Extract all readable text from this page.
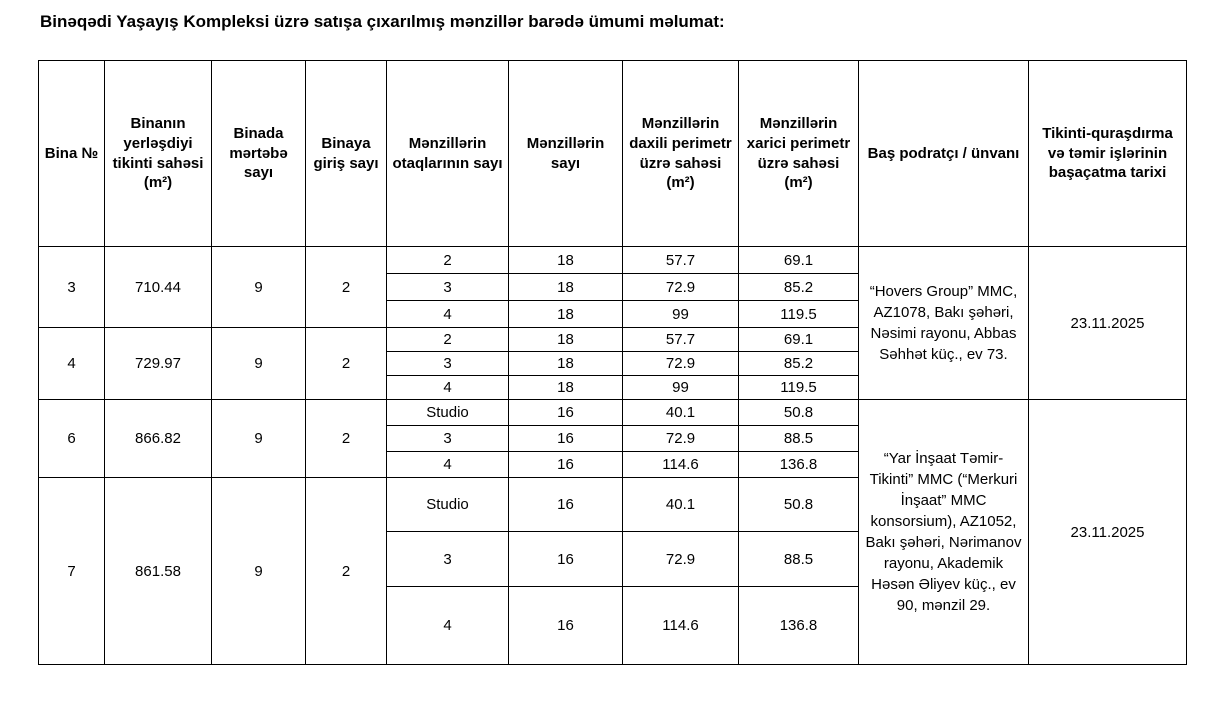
Binəqədi Yaşayış Kompleksi üzrə satışa çıxarılmış mənzillər barədə ümumi məlumat:
Bina №	Binanın yerləşdiyi tikinti sahəsi (m²)	Binada mərtəbə sayı	Binaya giriş sayı	Mənzillərin otaqlarının sayı	Mənzillərin sayı	Mənzillərin daxili perimetr üzrə sahəsi (m²)	Mənzillərin xarici perimetr üzrə sahəsi (m²)	Baş podratçı / ünvanı	Tikinti-quraşdırma və təmir işlərinin başaçatma tarixi
3	710.44	9	2	2	18	57.7	69.1	“Hovers Group” MMC, AZ1078, Bakı şəhəri, Nəsimi rayonu, Abbas Səhhət küç., ev 73.	23.11.2025
				3	18	72.9	85.2		
				4	18	99	119.5		
4	729.97	9	2	2	18	57.7	69.1		
				3	18	72.9	85.2		
				4	18	99	119.5		
6	866.82	9	2	Studio	16	40.1	50.8	“Yar İnşaat Təmir-Tikinti” MMC (“Merkuri İnşaat” MMC konsorsium), AZ1052, Bakı şəhəri, Nərimanov rayonu, Akademik Həsən Əliyev küç., ev 90, mənzil 29.	23.11.2025
				3	16	72.9	88.5		
				4	16	114.6	136.8		
7	861.58	9	2	Studio	16	40.1	50.8		
				3	16	72.9	88.5		
				4	16	114.6	136.8		
